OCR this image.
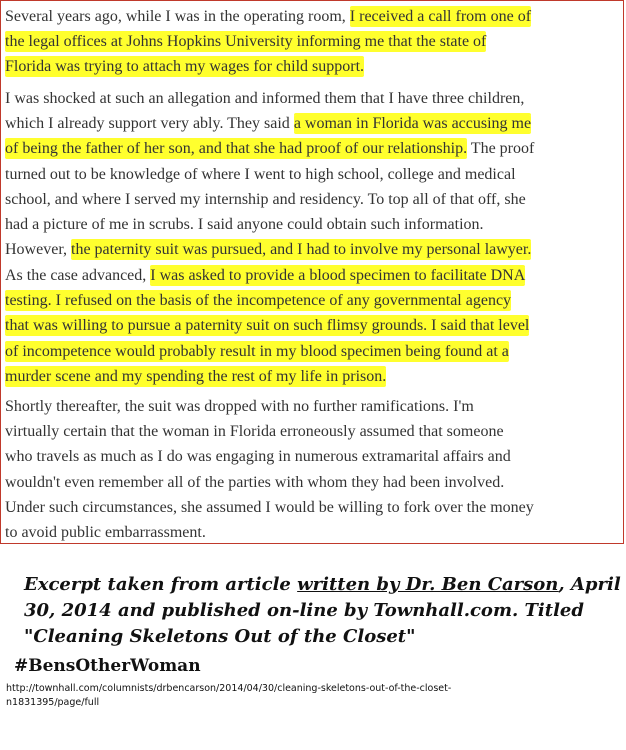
Several years ago, while I was in the operating room, I received a call from one of
the legal offices at Johns Hopkins University informing me that the state of
Florida was trying to attach my wages for child support.
I was shocked at such an allegation and informed them that I have three children,
which I already support very ably. They said a woman in Florida was accusing me
of being the father of her son, and that she had proof of our relationship. The proof
turned out to be knowledge of where I went to high school, college and medical
school, and where I served my internship and residency. To top all of that off, she
had a picture of me in scrubs. I said anyone could obtain such information.
However, the paternity suit was pursued, and I had to involve my personal lawyer.
As the case advanced, I was asked to provide a blood specimen to facilitate DNA
testing. I refused on the basis of the incompetence of any governmental agency
that was willing to pursue a paternity suit on such flimsy grounds. I said that level
of incompetence would probably result in my blood specimen being found at a
murder scene and my spending the rest of my life in prison.
Shortly thereafter, the suit was dropped with no further ramifications. I'm
virtually certain that the woman in Florida erroneously assumed that someone
who travels as much as I do was engaging in numerous extramarital affairs and
wouldn't even remember all of the parties with whom they had been involved.
Under such circumstances, she assumed I would be willing to fork over the money
to avoid public embarrassment.
Excerpt taken from article written by Dr. Ben Carson, April
30, 2014 and published on-line by Townhall.com. Titled
"Cleaning Skeletons Out of the Closet"
#BensOtherWoman
http://townhall.com/columnists/drbencarson/2014/04/30/cleaning-skeletons-out-of-the-closet-
n1831395/page/full
